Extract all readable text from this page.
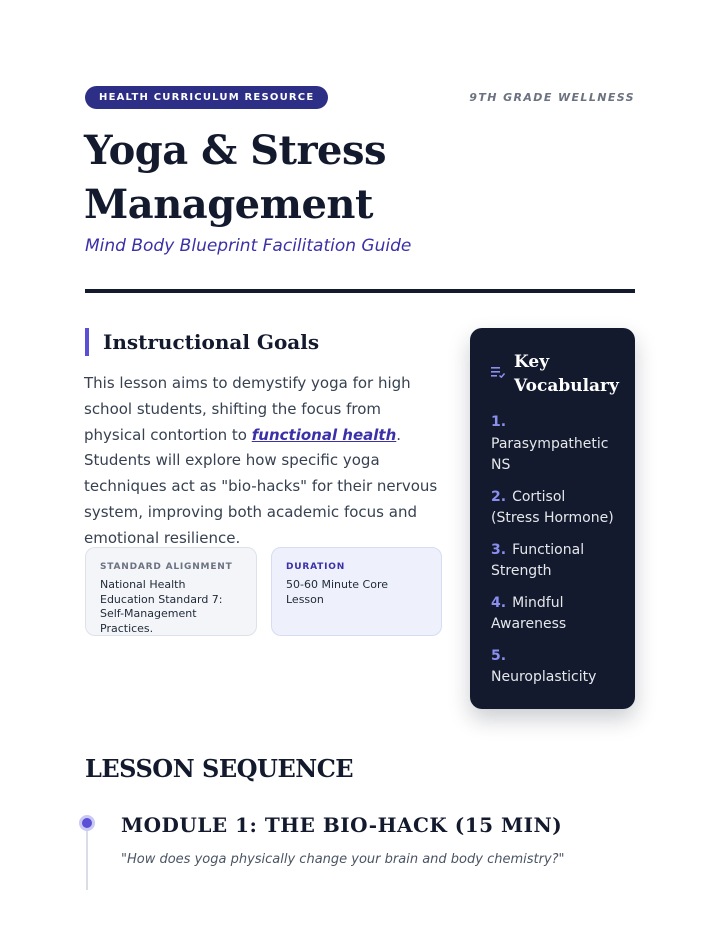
HEALTH CURRICULUM RESOURCE	9TH GRADE WELLNESS
Yoga & Stress
Management
Mind Body Blueprint Facilitation Guide
Instructional Goals

This lesson aims to demystify yoga for high school students, shifting the focus from physical contortion to functional health. Students will explore how specific yoga techniques act as "bio-hacks" for their nervous system, improving both academic focus and emotional resilience.

STANDARD ALIGNMENT
National Health Education Standard 7: Self-Management Practices.
DURATION
50-60 Minute Core Lesson
Key Vocabulary
1.
Parasympathetic NS
2. Cortisol (Stress Hormone)
3. Functional Strength
4. Mindful Awareness
5.
Neuroplasticity
LESSON SEQUENCE
MODULE 1: THE BIO-HACK (15 MIN)

"How does yoga physically change your brain and body chemistry?"
